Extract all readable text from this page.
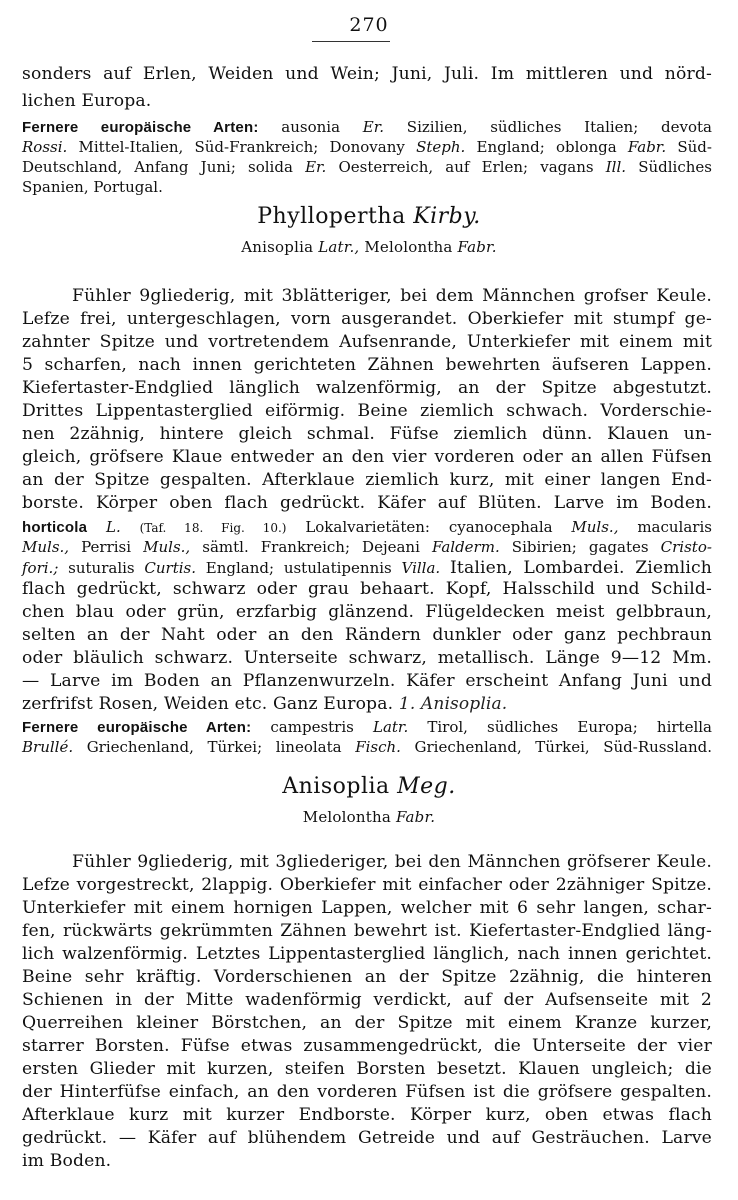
270
sonders auf Erlen, Weiden und Wein; Juni, Juli. Im mittleren und nörd-
lichen Europa.
Fernere europäische Arten: ausonia Er. Sizilien, südliches Italien; devota
Rossi. Mittel-Italien, Süd-Frankreich; Donovany Steph. England; oblonga Fabr. Süd-
Deutschland, Anfang Juni; solida Er. Oesterreich, auf Erlen; vagans Ill. Südliches
Spanien, Portugal.
Phyllopertha Kirby.
Anisoplia Latr., Melolontha Fabr.
Fühler 9gliederig, mit 3blätteriger, bei dem Männchen grofser Keule.
Lefze frei, untergeschlagen, vorn ausgerandet. Oberkiefer mit stumpf ge-
zahnter Spitze und vortretendem Aufsenrande, Unterkiefer mit einem mit
5 scharfen, nach innen gerichteten Zähnen bewehrten äufseren Lappen.
Kiefertaster-Endglied länglich walzenförmig, an der Spitze abgestutzt.
Drittes Lippentasterglied eiförmig. Beine ziemlich schwach. Vorderschie-
nen 2zähnig, hintere gleich schmal. Füfse ziemlich dünn. Klauen un-
gleich, gröfsere Klaue entweder an den vier vorderen oder an allen Füfsen
an der Spitze gespalten. Afterklaue ziemlich kurz, mit einer langen End-
borste. Körper oben flach gedrückt. Käfer auf Blüten. Larve im Boden.
horticola L. (Taf. 18. Fig. 10.) Lokalvarietäten: cyanocephala Muls., macularis
Muls., Perrisi Muls., sämtl. Frankreich; Dejeani Falderm. Sibirien; gagates Cristo-
fori.; suturalis Curtis. England; ustulatipennis Villa. Italien, Lombardei. Ziemlich
flach gedrückt, schwarz oder grau behaart. Kopf, Halsschild und Schild-
chen blau oder grün, erzfarbig glänzend. Flügeldecken meist gelbbraun,
selten an der Naht oder an den Rändern dunkler oder ganz pechbraun
oder bläulich schwarz. Unterseite schwarz, metallisch. Länge 9—12 Mm.
— Larve im Boden an Pflanzenwurzeln. Käfer erscheint Anfang Juni und
zerfrifst Rosen, Weiden etc. Ganz Europa. 1. Anisoplia.
Fernere europäische Arten: campestris Latr. Tirol, südliches Europa; hirtella
Brullé. Griechenland, Türkei; lineolata Fisch. Griechenland, Türkei, Süd-Russland.
Anisoplia Meg.
Melolontha Fabr.
Fühler 9gliederig, mit 3gliederiger, bei den Männchen gröfserer Keule.
Lefze vorgestreckt, 2lappig. Oberkiefer mit einfacher oder 2zähniger Spitze.
Unterkiefer mit einem hornigen Lappen, welcher mit 6 sehr langen, schar-
fen, rückwärts gekrümmten Zähnen bewehrt ist. Kiefertaster-Endglied läng-
lich walzenförmig. Letztes Lippentasterglied länglich, nach innen gerichtet.
Beine sehr kräftig. Vorderschienen an der Spitze 2zähnig, die hinteren
Schienen in der Mitte wadenförmig verdickt, auf der Aufsenseite mit 2
Querreihen kleiner Börstchen, an der Spitze mit einem Kranze kurzer,
starrer Borsten. Füfse etwas zusammengedrückt, die Unterseite der vier
ersten Glieder mit kurzen, steifen Borsten besetzt. Klauen ungleich; die
der Hinterfüfse einfach, an den vorderen Füfsen ist die gröfsere gespalten.
Afterklaue kurz mit kurzer Endborste. Körper kurz, oben etwas flach
gedrückt. — Käfer auf blühendem Getreide und auf Gesträuchen. Larve
im Boden.
